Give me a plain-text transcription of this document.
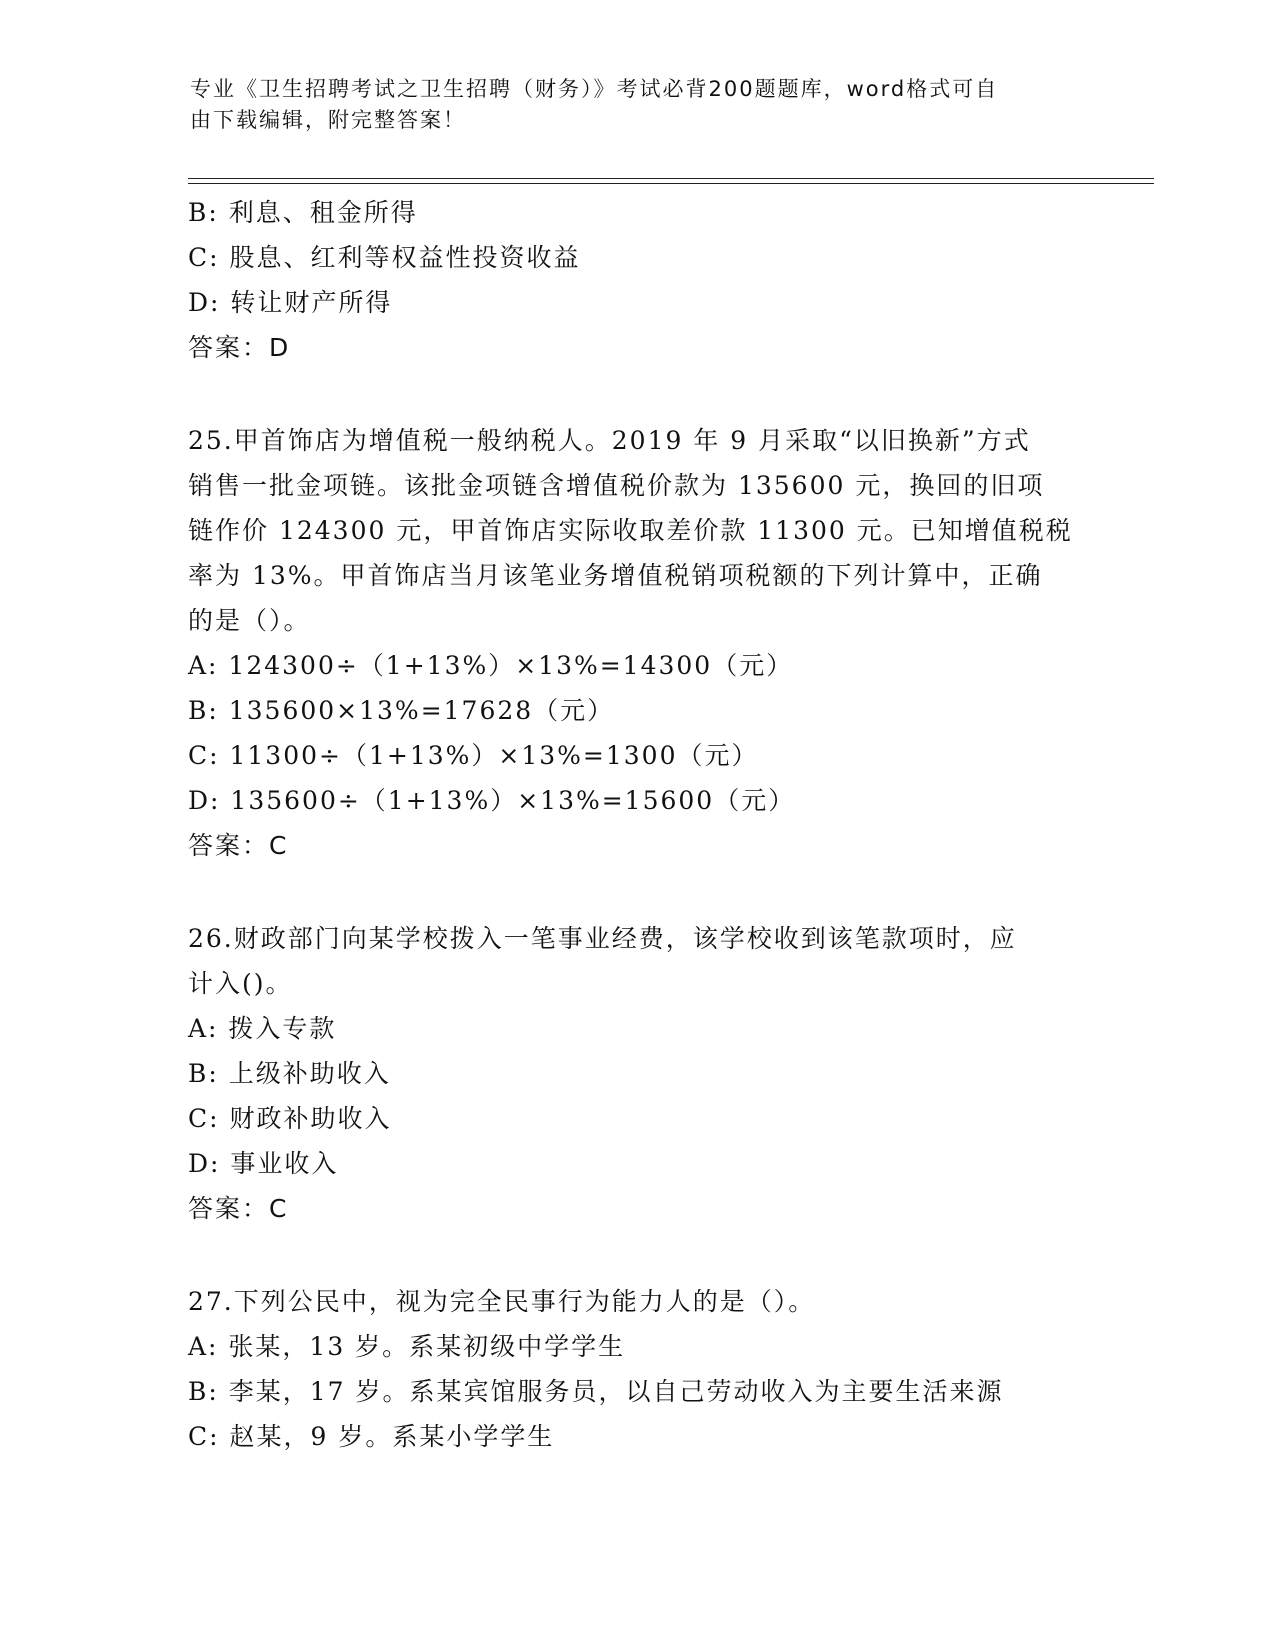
专业《卫生招聘考试之卫生招聘（财务）》考试必背200题题库，word格式可自
由下载编辑，附完整答案！
B: 利息、租金所得
C: 股息、红利等权益性投资收益
D: 转让财产所得
答案：D
25.甲首饰店为增值税一般纳税人。2019 年 9 月采取“以旧换新”方式
销售一批金项链。该批金项链含增值税价款为 135600 元，换回的旧项
链作价 124300 元，甲首饰店实际收取差价款 11300 元。已知增值税税
率为 13%。甲首饰店当月该笔业务增值税销项税额的下列计算中，正确
的是（）。
A: 124300÷（1+13%）×13%=14300（元）
B: 135600×13%=17628（元）
C: 11300÷（1+13%）×13%=1300（元）
D: 135600÷（1+13%）×13%=15600（元）
答案：C
26.财政部门向某学校拨入一笔事业经费，该学校收到该笔款项时，应
计入()。
A: 拨入专款
B: 上级补助收入
C: 财政补助收入
D: 事业收入
答案：C
27.下列公民中，视为完全民事行为能力人的是（）。
A: 张某，13 岁。系某初级中学学生
B: 李某，17 岁。系某宾馆服务员，以自己劳动收入为主要生活来源
C: 赵某，9 岁。系某小学学生
